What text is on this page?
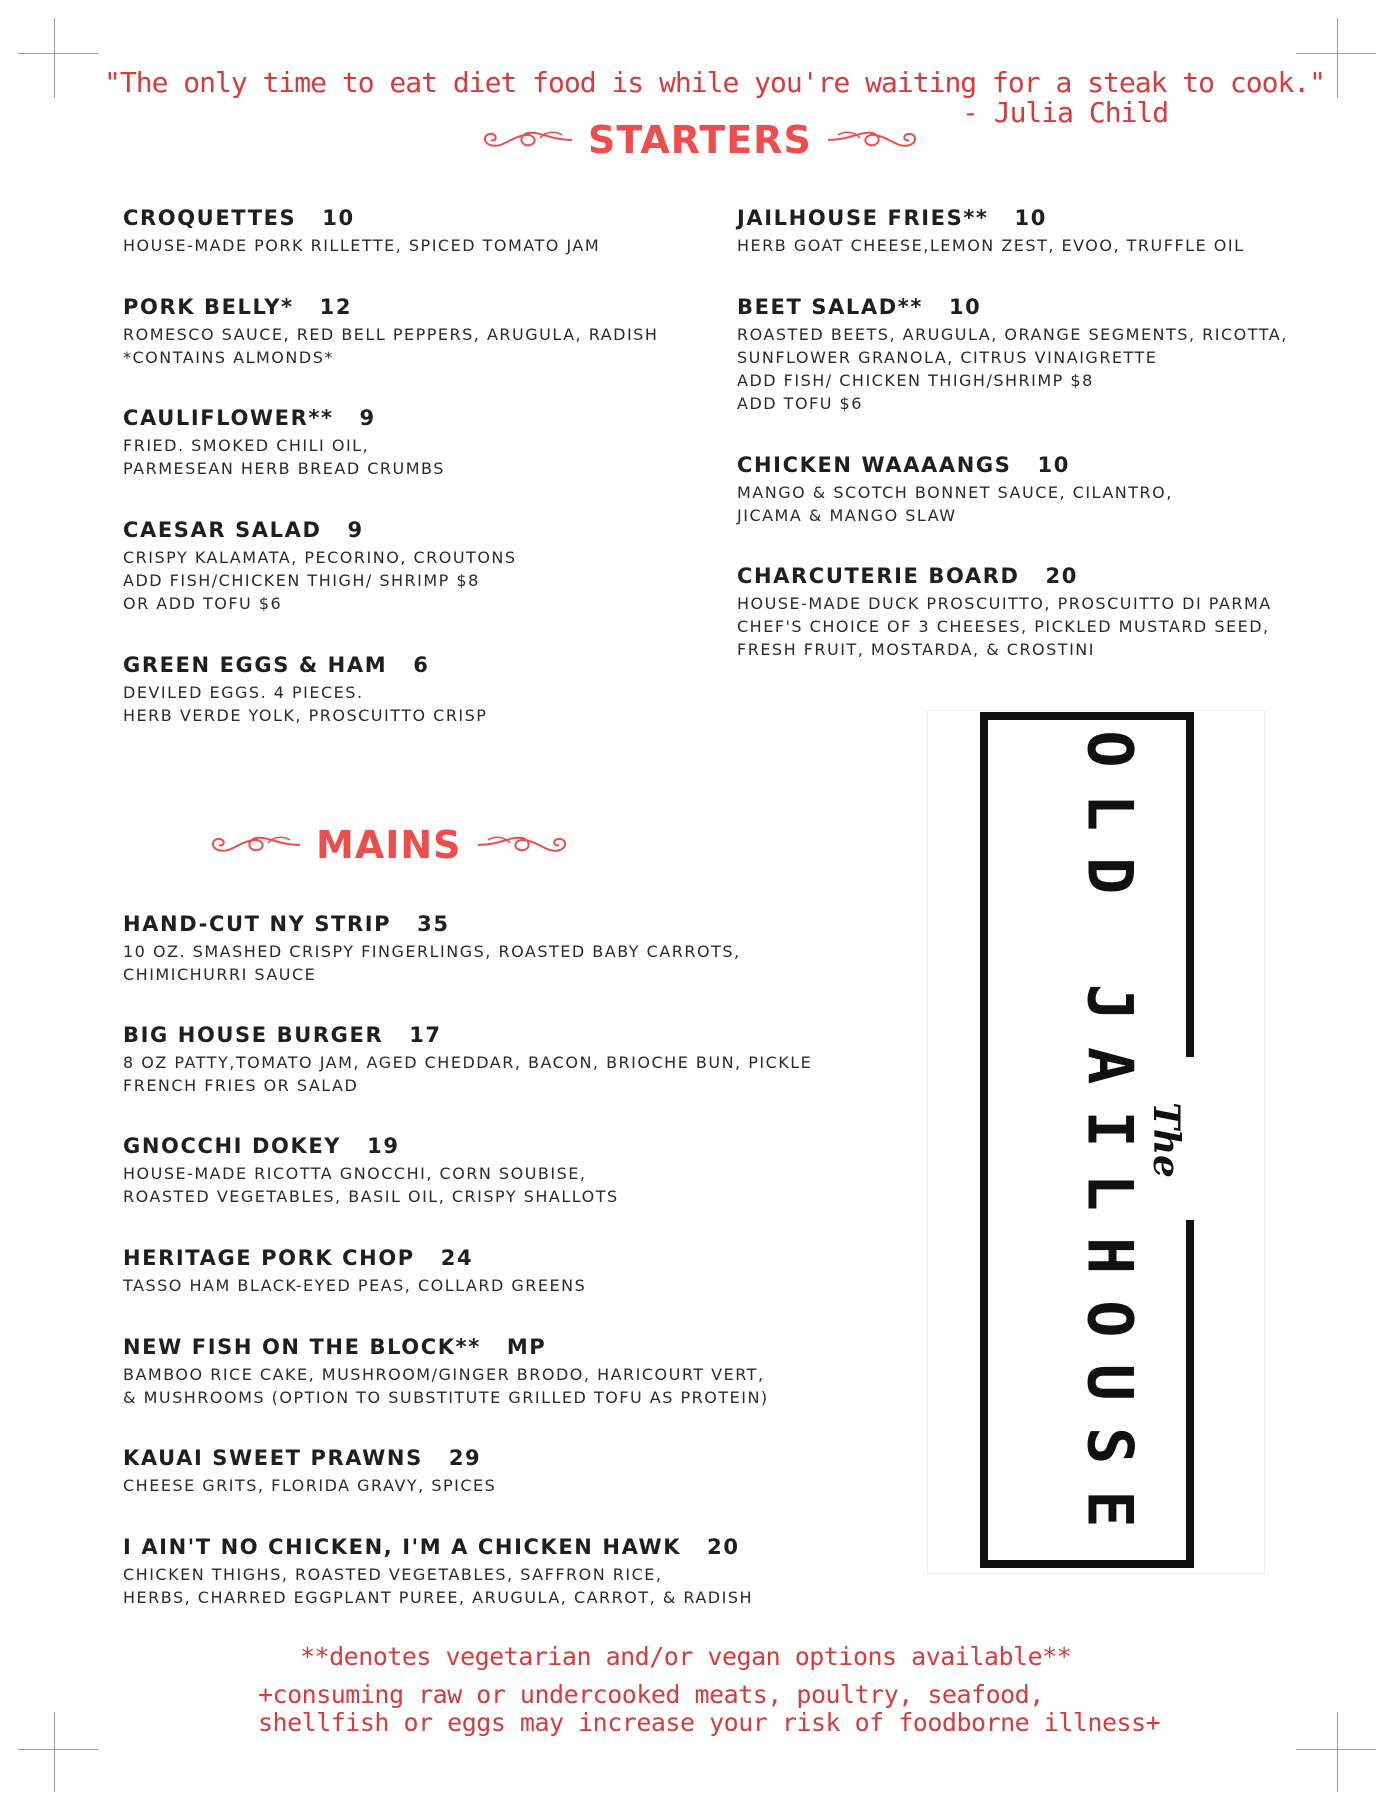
"The only time to eat diet food is while you're waiting for a steak to cook."
- Julia Child
STARTERS
CROQUETTES 10
HOUSE-MADE PORK RILLETTE, SPICED TOMATO JAM
PORK BELLY* 12
ROMESCO SAUCE, RED BELL PEPPERS, ARUGULA, RADISH
*CONTAINS ALMONDS*
CAULIFLOWER** 9
FRIED. SMOKED CHILI OIL,
PARMESEAN HERB BREAD CRUMBS
CAESAR SALAD 9
CRISPY KALAMATA, PECORINO, CROUTONS
ADD FISH/CHICKEN THIGH/ SHRIMP $8
OR ADD TOFU $6
GREEN EGGS & HAM 6
DEVILED EGGS. 4 PIECES.
HERB VERDE YOLK, PROSCUITTO CRISP
JAILHOUSE FRIES** 10
HERB GOAT CHEESE,LEMON ZEST, EVOO, TRUFFLE OIL
BEET SALAD** 10
ROASTED BEETS, ARUGULA, ORANGE SEGMENTS, RICOTTA,
SUNFLOWER GRANOLA, CITRUS VINAIGRETTE
ADD FISH/ CHICKEN THIGH/SHRIMP $8
ADD TOFU $6
CHICKEN WAAAANGS 10
MANGO & SCOTCH BONNET SAUCE, CILANTRO,
JICAMA & MANGO SLAW
CHARCUTERIE BOARD 20
HOUSE-MADE DUCK PROSCUITTO, PROSCUITTO DI PARMA
CHEF'S CHOICE OF 3 CHEESES, PICKLED MUSTARD SEED,
FRESH FRUIT, MOSTARDA, & CROSTINI
MAINS
HAND-CUT NY STRIP 35
10 OZ. SMASHED CRISPY FINGERLINGS, ROASTED BABY CARROTS,
CHIMICHURRI SAUCE
BIG HOUSE BURGER 17
8 OZ PATTY,TOMATO JAM, AGED CHEDDAR, BACON, BRIOCHE BUN, PICKLE
FRENCH FRIES OR SALAD
GNOCCHI DOKEY 19
HOUSE-MADE RICOTTA GNOCCHI, CORN SOUBISE,
ROASTED VEGETABLES, BASIL OIL, CRISPY SHALLOTS
HERITAGE PORK CHOP 24
TASSO HAM BLACK-EYED PEAS, COLLARD GREENS
NEW FISH ON THE BLOCK** MP
BAMBOO RICE CAKE, MUSHROOM/GINGER BRODO, HARICOURT VERT,
& MUSHROOMS (OPTION TO SUBSTITUTE GRILLED TOFU AS PROTEIN)
KAUAI SWEET PRAWNS 29
CHEESE GRITS, FLORIDA GRAVY, SPICES
I AIN'T NO CHICKEN, I'M A CHICKEN HAWK 20
CHICKEN THIGHS, ROASTED VEGETABLES, SAFFRON RICE,
HERBS, CHARRED EGGPLANT PUREE, ARUGULA, CARROT, & RADISH
OLD JAILHOUSE
The
**denotes vegetarian and/or vegan options available**
+consuming raw or undercooked meats, poultry, seafood,
shellfish or eggs may increase your risk of foodborne illness+
